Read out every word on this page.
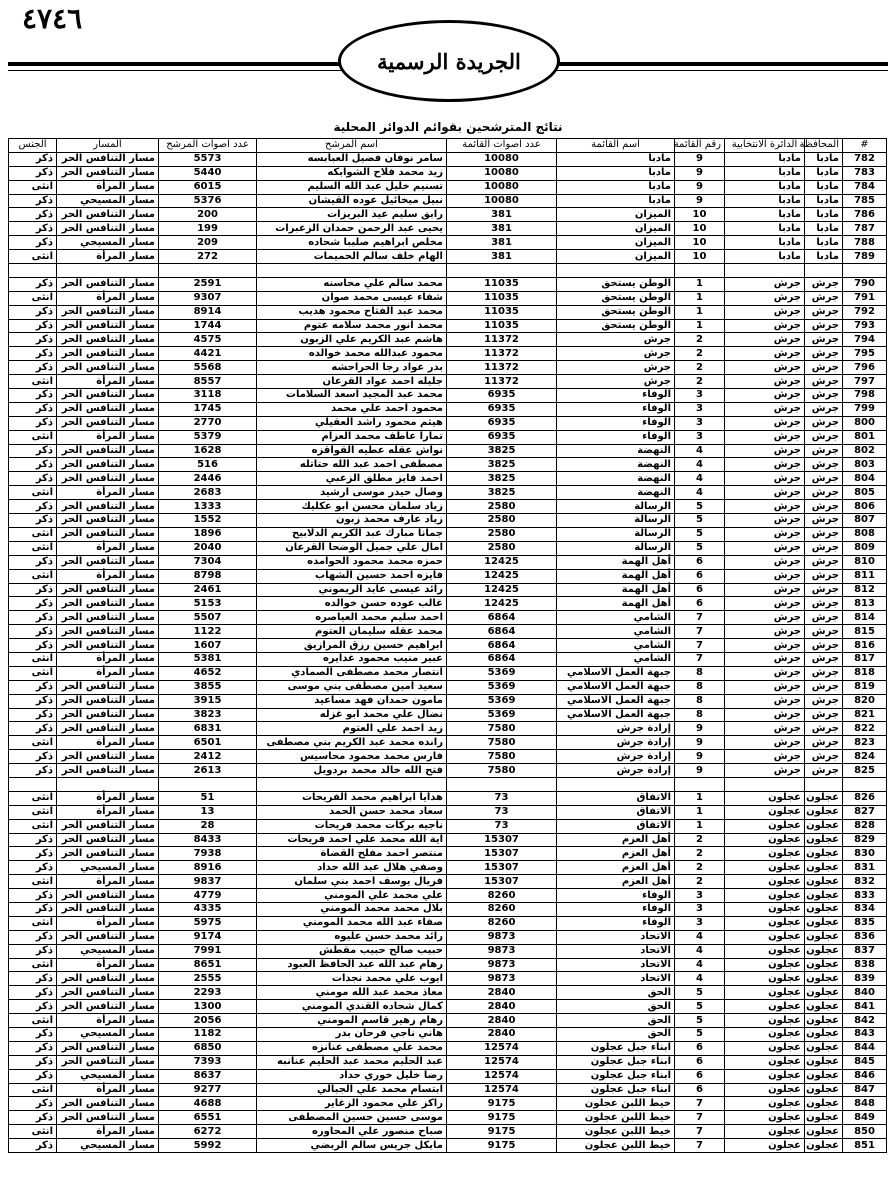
٤٧٤٦
الجريدة الرسمية
نتائج المترشحين بقوائم الدوائر المحلية
#	المحافظة	الدائرة الانتخابية	رقم القائمة	اسم القائمة	عدد اصوات القائمة	اسم المرشح	عدد اصوات المرشح	المسار	الجنس
782	مادبا	مادبا	9	مادبا	10080	سامر نوفان فضيل العبابسه	5573	مسار التنافس الحر	ذكر
783	مادبا	مادبا	9	مادبا	10080	زيد محمد فلاح الشوابكه	5440	مسار التنافس الحر	ذكر
784	مادبا	مادبا	9	مادبا	10080	تسنيم خليل عبد الله السليم	6015	مسار المرأة	انثى
785	مادبا	مادبا	9	مادبا	10080	نبيل ميخائيل عوده القيشان	5376	مسار المسيحي	ذكر
786	مادبا	مادبا	10	الميزان	381	رابق سليم عيد البريزات	200	مسار التنافس الحر	ذكر
787	مادبا	مادبا	10	الميزان	381	يحيى عبد الرحمن حمدان الزعبرات	199	مسار التنافس الحر	ذكر
788	مادبا	مادبا	10	الميزان	381	مخلص ابراهيم صليبا شحاده	209	مسار المسيحي	ذكر
789	مادبا	مادبا	10	الميزان	381	الهام خلف سالم الحميمات	272	مسار المرأة	انثى

790	جرش	جرش	1	الوطن يستحق	11035	محمد سالم علي محاسنه	2591	مسار التنافس الحر	ذكر
791	جرش	جرش	1	الوطن يستحق	11035	شفاء عيسى محمد صوان	9307	مسار المرأة	انثى
792	جرش	جرش	1	الوطن يستحق	11035	محمد عبد الفتاح محمود هديب	8914	مسار التنافس الحر	ذكر
793	جرش	جرش	1	الوطن يستحق	11035	محمد انور محمد سلامه عتوم	1744	مسار التنافس الحر	ذكر
794	جرش	جرش	2	جرش	11372	هاشم عبد الكريم علي الزبون	4575	مسار التنافس الحر	ذكر
795	جرش	جرش	2	جرش	11372	محمود عبدالله محمد خوالده	4421	مسار التنافس الحر	ذكر
796	جرش	جرش	2	جرش	11372	بدر عواد رجا الحراحشه	5568	مسار التنافس الحر	ذكر
797	جرش	جرش	2	جرش	11372	جليله احمد عواد القرعان	8557	مسار المرأة	انثى
798	جرش	جرش	3	الوفاء	6935	محمد عبد المجيد اسعد السلامات	3118	مسار التنافس الحر	ذكر
799	جرش	جرش	3	الوفاء	6935	محمود احمد علي محمد	1745	مسار التنافس الحر	ذكر
800	جرش	جرش	3	الوفاء	6935	هيثم محمود راشد العقيلي	2770	مسار التنافس الحر	ذكر
801	جرش	جرش	3	الوفاء	6935	تمارا عاطف محمد العزام	5379	مسار المرأة	انثى
802	جرش	جرش	4	النهضة	3825	نواش عقله عطيه القواقزه	1628	مسار التنافس الحر	ذكر
803	جرش	جرش	4	النهضة	3825	مصطفى احمد عبد الله حتاتله	516	مسار التنافس الحر	ذكر
804	جرش	جرش	4	النهضة	3825	احمد فايز مطلق الزعبي	2446	مسار التنافس الحر	ذكر
805	جرش	جرش	4	النهضة	3825	وصال حيدر موسى ارشيد	2683	مسار المرأة	انثى
806	جرش	جرش	5	الرسالة	2580	زياد سلمان محسن ابو عكليك	1333	مسار التنافس الحر	ذكر
807	جرش	جرش	5	الرسالة	2580	زياد عارف محمد زبون	1552	مسار التنافس الحر	ذكر
808	جرش	جرش	5	الرسالة	2580	جمانا مبارك عبد الكريم الدلابيح	1896	مسار التنافس الحر	انثى
809	جرش	جرش	5	الرسالة	2580	امال علي جميل الوضحا القرعان	2040	مسار المرأة	انثى
810	جرش	جرش	6	أهل الهمة	12425	حمزه محمد محمود الحوامده	7304	مسار التنافس الحر	ذكر
811	جرش	جرش	6	أهل الهمة	12425	فايزه احمد حسين الشهاب	8798	مسار المرأة	انثى
812	جرش	جرش	6	أهل الهمة	12425	رائد عيسى عايد الريموني	2461	مسار التنافس الحر	ذكر
813	جرش	جرش	6	أهل الهمة	12425	غالب عوده حسن خوالده	5153	مسار التنافس الحر	ذكر
814	جرش	جرش	7	الشامي	6864	احمد سليم محمد العياصره	5507	مسار التنافس الحر	ذكر
815	جرش	جرش	7	الشامي	6864	محمد عقله سليمان العتوم	1122	مسار التنافس الحر	ذكر
816	جرش	جرش	7	الشامي	6864	ابراهيم حسين رزق المرازيق	1607	مسار التنافس الحر	ذكر
817	جرش	جرش	7	الشامي	6864	عبير منيب محمود غدايره	5381	مسار المرأة	انثى
818	جرش	جرش	8	جبهة العمل الاسلامي	5369	انتصار محمد مصطفى الصمادي	4652	مسار المرأة	انثى
819	جرش	جرش	8	جبهة العمل الاسلامي	5369	سعيد امين مصطفى بني موسى	3855	مسار التنافس الحر	ذكر
820	جرش	جرش	8	جبهة العمل الاسلامي	5369	مامون حمدان فهد مساعيد	3915	مسار التنافس الحر	ذكر
821	جرش	جرش	8	جبهة العمل الاسلامي	5369	نضال علي محمد ابو غزله	3823	مسار التنافس الحر	ذكر
822	جرش	جرش	9	إرادة جرش	7580	زيد احمد علي العتوم	6831	مسار التنافس الحر	ذكر
823	جرش	جرش	9	إرادة جرش	7580	رانده محمد عبد الكريم بني مصطفى	6501	مسار المرأة	انثى
824	جرش	جرش	9	إرادة جرش	7580	فارس محمد محمود محاسيس	2412	مسار التنافس الحر	ذكر
825	جرش	جرش	9	إرادة جرش	7580	فتح الله خالد محمد بردويل	2613	مسار التنافس الحر	ذكر

826	عجلون	عجلون	1	الاتفاق	73	هدايا ابراهيم محمد الفريحات	51	مسار المرأة	انثى
827	عجلون	عجلون	1	الاتفاق	73	سعاد محمد حسن الحمد	13	مسار المرأة	انثى
828	عجلون	عجلون	1	الاتفاق	73	ناجيه بركات محمد فريحات	28	مسار التنافس الحر	انثى
829	عجلون	عجلون	2	أهل العزم	15307	اية الله محمد علي احمد فريحات	8433	مسار التنافس الحر	ذكر
830	عجلون	عجلون	2	أهل العزم	15307	منتصر احمد مفلح القضاة	7938	مسار التنافس الحر	ذكر
831	عجلون	عجلون	2	أهل العزم	15307	وصفي هلال عبد الله حداد	8916	مسار المسيحي	ذكر
832	عجلون	عجلون	2	أهل العزم	15307	فريال يوسف احمد بني سلمان	9837	مسار المرأة	انثى
833	عجلون	عجلون	3	الوفاء	8260	علي محمد علي المومني	4779	مسار التنافس الحر	ذكر
834	عجلون	عجلون	3	الوفاء	8260	بلال محمد محمد المومني	4335	مسار التنافس الحر	ذكر
835	عجلون	عجلون	3	الوفاء	8260	صفاء عبد الله محمد المومني	5975	مسار المرأة	انثى
836	عجلون	عجلون	4	الاتحاد	9873	رائد محمد حسن عليوه	9174	مسار التنافس الحر	ذكر
837	عجلون	عجلون	4	الاتحاد	9873	حبيب صالح حبيب مقطش	7991	مسار المسيحي	ذكر
838	عجلون	عجلون	4	الاتحاد	9873	رهام عبد الله عبد الحافظ العبود	8651	مسار المرأة	انثى
839	عجلون	عجلون	4	الاتحاد	9873	ايوب علي محمد نجدات	2555	مسار التنافس الحر	ذكر
840	عجلون	عجلون	5	الحق	2840	معاذ محمد عبد الله مومني	2293	مسار التنافس الحر	ذكر
841	عجلون	عجلون	5	الحق	2840	كمال شحاده القندي المومني	1300	مسار التنافس الحر	ذكر
842	عجلون	عجلون	5	الحق	2840	رهام زهير قاسم المومني	2056	مسار المرأة	انثى
843	عجلون	عجلون	5	الحق	2840	هاني ناجي فرحان بدر	1182	مسار المسيحي	ذكر
844	عجلون	عجلون	6	ابناء جبل عجلون	12574	محمد علي مصطفى عنانزه	6850	مسار التنافس الحر	ذكر
845	عجلون	عجلون	6	ابناء جبل عجلون	12574	عبد الحليم محمد عبد الحليم عنانبه	7393	مسار التنافس الحر	ذكر
846	عجلون	عجلون	6	ابناء جبل عجلون	12574	رضا خليل خوري حداد	8637	مسار المسيحي	ذكر
847	عجلون	عجلون	6	ابناء جبل عجلون	12574	ابتسام محمد علي الجبالي	9277	مسار المرأة	انثى
848	عجلون	عجلون	7	خيط اللبن عجلون	9175	راكز علي محمود الزغاير	4688	مسار التنافس الحر	ذكر
849	عجلون	عجلون	7	خيط اللبن عجلون	9175	موسى حسين حسين المصطفى	6551	مسار التنافس الحر	ذكر
850	عجلون	عجلون	7	خيط اللبن عجلون	9175	صباح منصور علي المحاوره	6272	مسار المرأة	انثى
851	عجلون	عجلون	7	خيط اللبن عجلون	9175	مايكل جريس سالم الربضي	5992	مسار المسيحي	ذكر
